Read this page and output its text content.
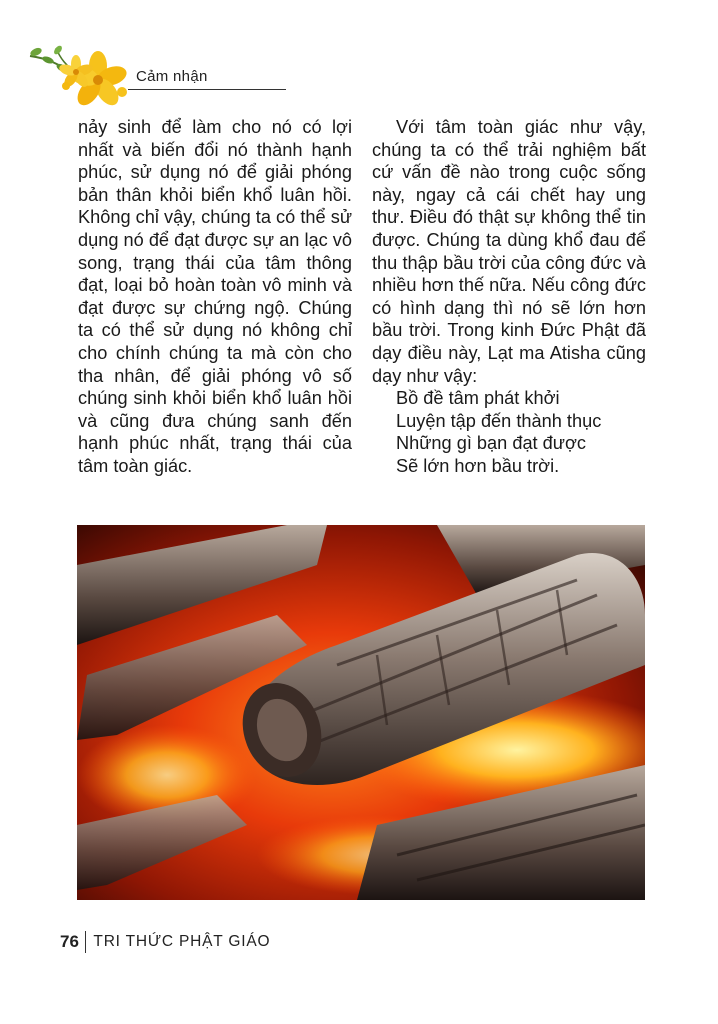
Cảm nhận

nảy sinh để làm cho nó có lợi nhất và biến đổi nó thành hạnh phúc, sử dụng nó để giải phóng bản thân khỏi biển khổ luân hồi. Không chỉ vậy, chúng ta có thể sử dụng nó để đạt được sự an lạc vô song, trạng thái của tâm thông đạt, loại bỏ hoàn toàn vô minh và đạt được sự chứng ngộ. Chúng ta có thể sử dụng nó không chỉ cho chính chúng ta mà còn cho tha nhân, để giải phóng vô số chúng sinh khỏi biển khổ luân hồi và cũng đưa chúng sanh đến hạnh phúc nhất, trạng thái của tâm toàn giác.

Với tâm toàn giác như vậy, chúng ta có thể trải nghiệm bất cứ vấn đề nào trong cuộc sống này, ngay cả cái chết hay ung thư. Điều đó thật sự không thể tin được. Chúng ta dùng khổ đau để thu thập bầu trời của công đức và nhiều hơn thế nữa. Nếu công đức có hình dạng thì nó sẽ lớn hơn bầu trời. Trong kinh Đức Phật đã dạy điều này, Lạt ma Atisha cũng dạy như vậy:

Bồ đề tâm phát khởi
Luyện tập đến thành thục
Những gì bạn đạt được
Sẽ lớn hơn bầu trời.
76 TRI THỨC PHẬT GIÁO
